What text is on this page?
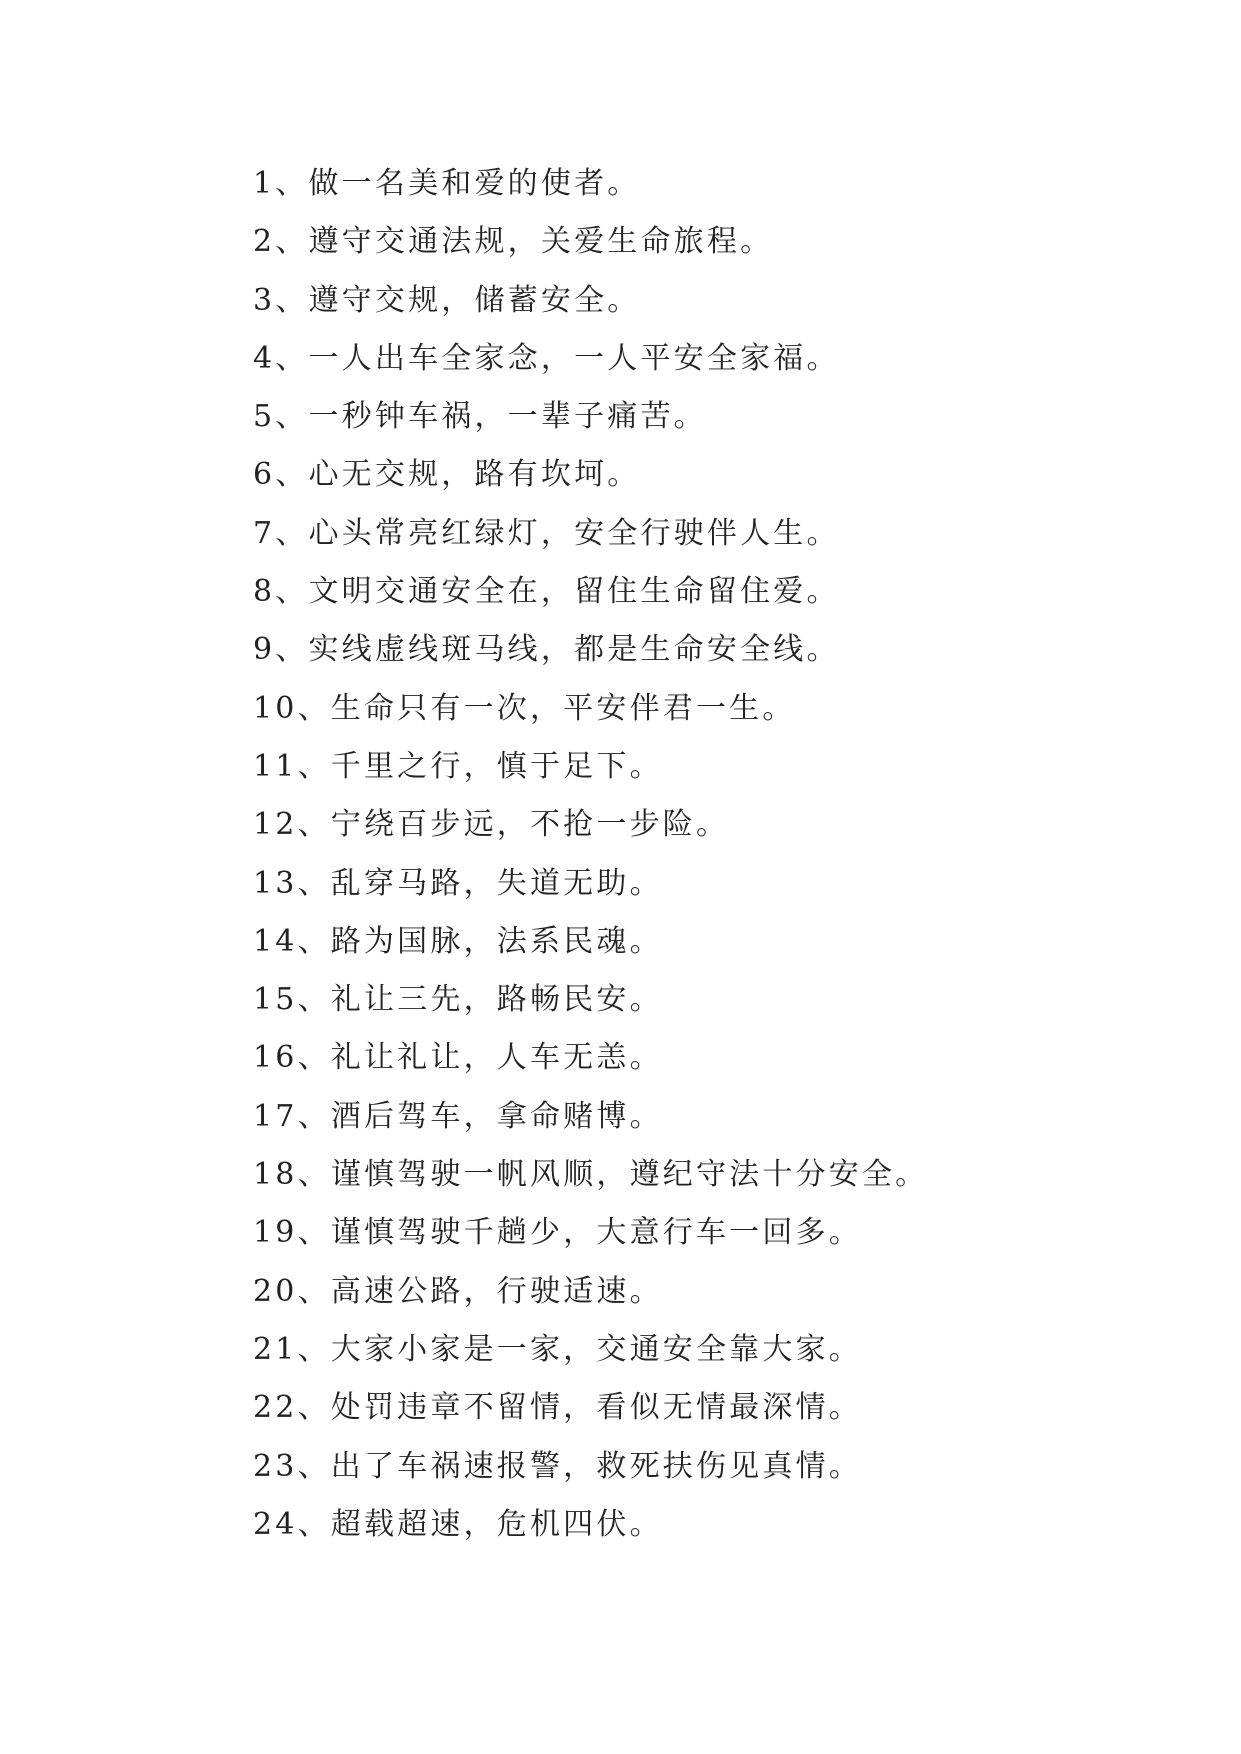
1、做一名美和爱的使者。
2、遵守交通法规，关爱生命旅程。
3、遵守交规，储蓄安全。
4、一人出车全家念，一人平安全家福。
5、一秒钟车祸，一辈子痛苦。
6、心无交规，路有坎坷。
7、心头常亮红绿灯，安全行驶伴人生。
8、文明交通安全在，留住生命留住爱。
9、实线虚线斑马线，都是生命安全线。
10、生命只有一次，平安伴君一生。
11、千里之行，慎于足下。
12、宁绕百步远，不抢一步险。
13、乱穿马路，失道无助。
14、路为国脉，法系民魂。
15、礼让三先，路畅民安。
16、礼让礼让，人车无恙。
17、酒后驾车，拿命赌博。
18、谨慎驾驶一帆风顺，遵纪守法十分安全。
19、谨慎驾驶千趟少，大意行车一回多。
20、高速公路，行驶适速。
21、大家小家是一家，交通安全靠大家。
22、处罚违章不留情，看似无情最深情。
23、出了车祸速报警，救死扶伤见真情。
24、超载超速，危机四伏。
